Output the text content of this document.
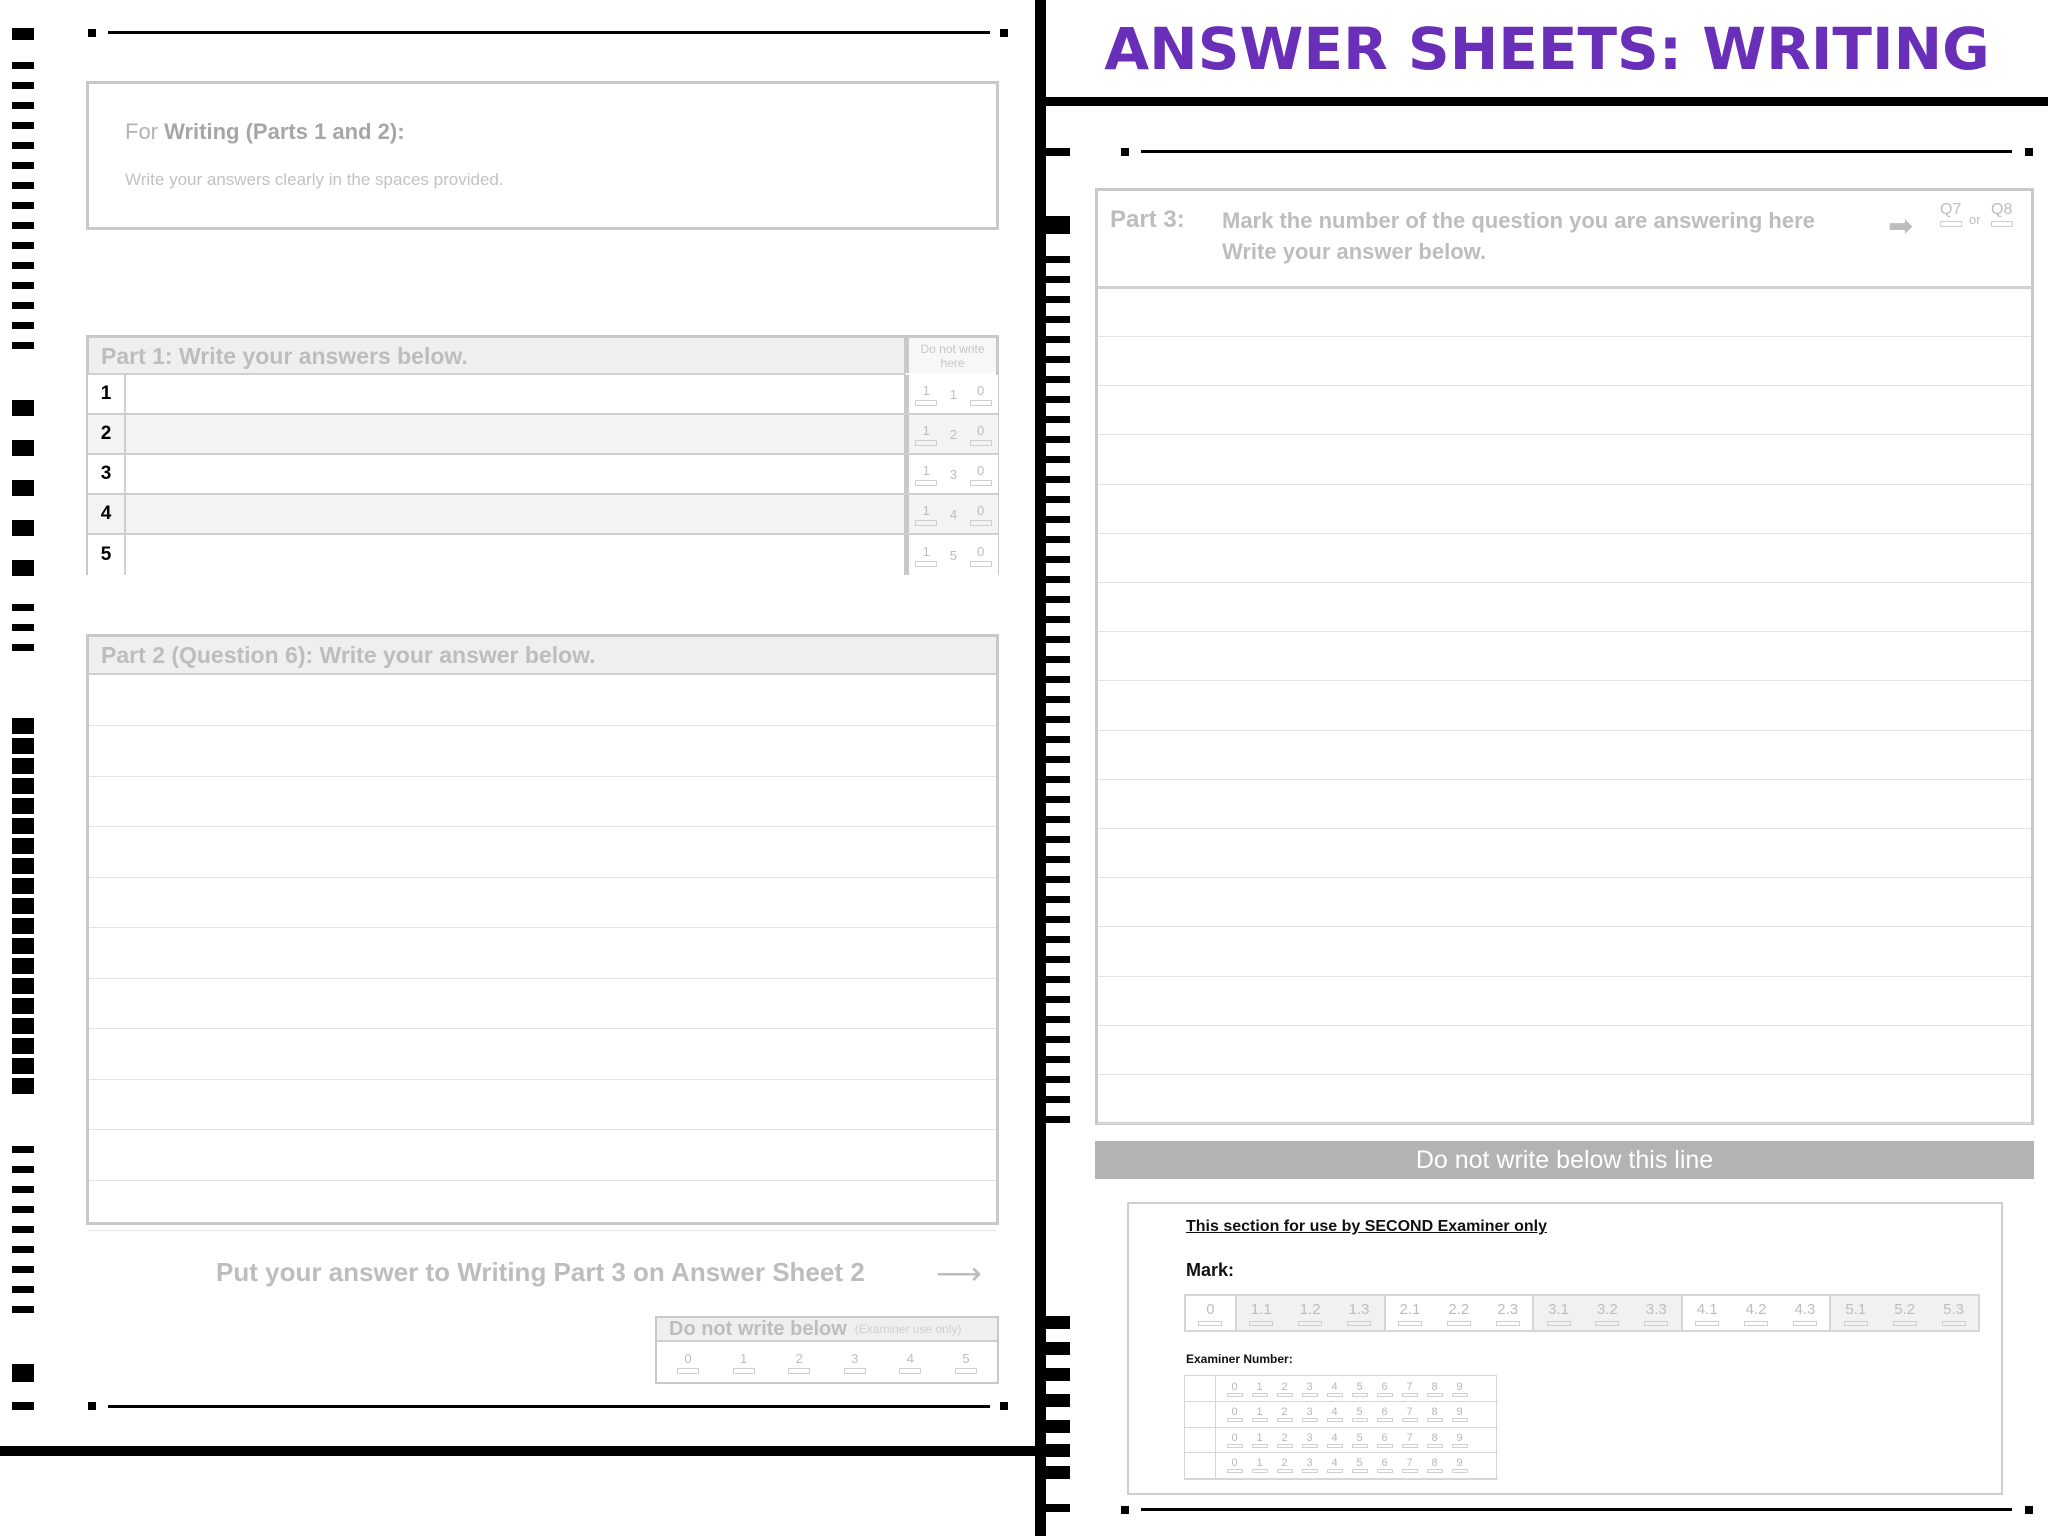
For Writing (Parts 1 and 2):
Write your answers clearly in the spaces provided.
Part 1: Write your answers below.	Do not write here
1	1 1 0
2	1 2 0
3	1 3 0
4	1 4 0
5	1 5 0
Part 2 (Question 6): Write your answer below.
Put your answer to Writing Part 3 on Answer Sheet 2 ⟶
Do not write below (Examiner use only)
0	1	2	3	4	5
ANSWER SHEETS: WRITING
Part 3: Mark the number of the question you are answering here
Write your answer below.
➡
Q7
or
Q8
Do not write below this line
This section for use by SECOND Examiner only
Mark:
0 1.1 1.2 1.3 2.1 2.2 2.3 3.1 3.2 3.3 4.1 4.2 4.3 5.1 5.2 5.3
Examiner Number:
0 1 2 3 4 5 6 7 8 9
0 1 2 3 4 5 6 7 8 9
0 1 2 3 4 5 6 7 8 9
0 1 2 3 4 5 6 7 8 9
